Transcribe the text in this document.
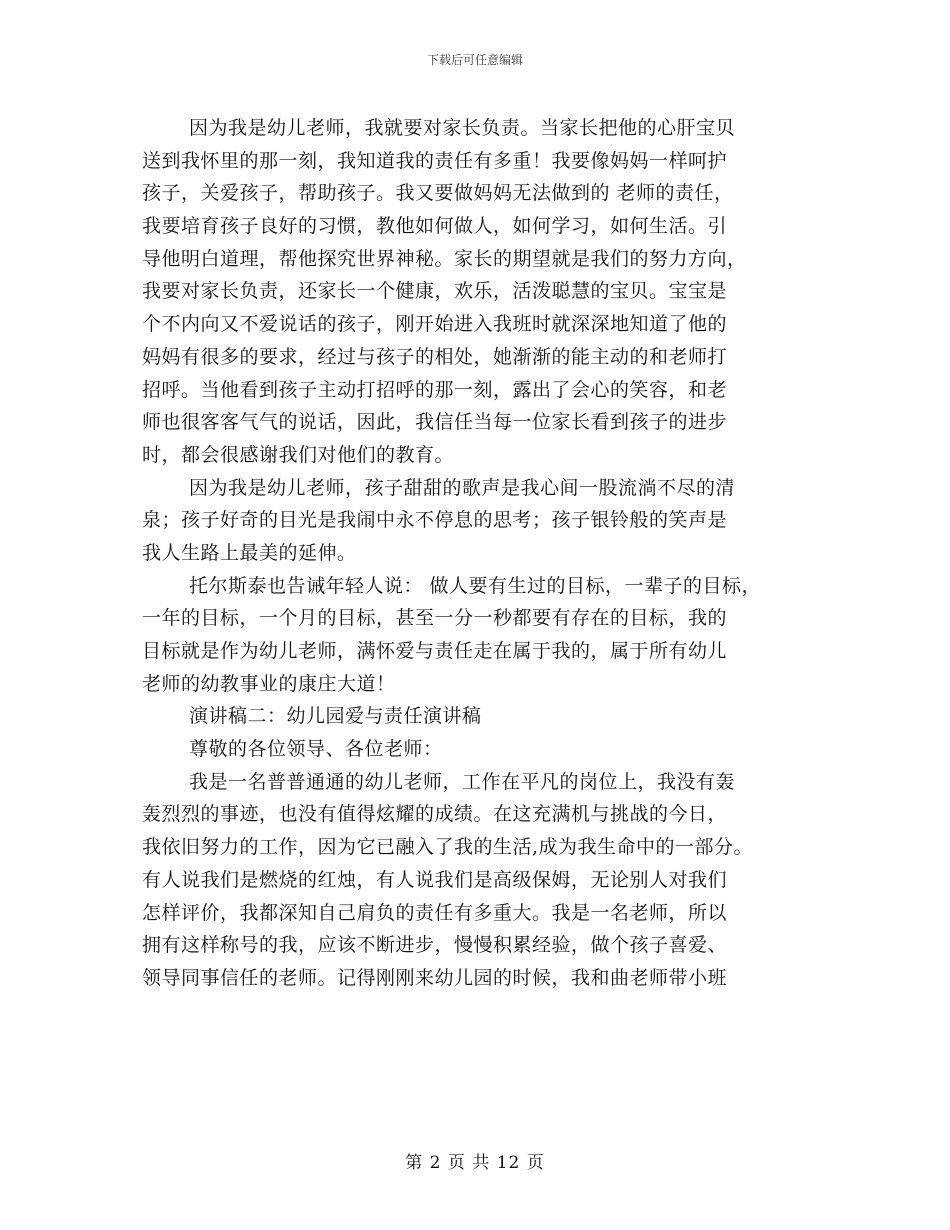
下载后可任意编辑
因为我是幼儿老师，我就要对家长负责。当家长把他的心肝宝贝
送到我怀里的那一刻，我知道我的责任有多重！我要像妈妈一样呵护
孩子，关爱孩子，帮助孩子。我又要做妈妈无法做到的 老师的责任，
我要培育孩子良好的习惯，教他如何做人，如何学习，如何生活。引
导他明白道理，帮他探究世界神秘。家长的期望就是我们的努力方向，
我要对家长负责，还家长一个健康，欢乐，活泼聪慧的宝贝。宝宝是
个不内向又不爱说话的孩子，刚开始进入我班时就深深地知道了他的
妈妈有很多的要求，经过与孩子的相处，她渐渐的能主动的和老师打
招呼。当他看到孩子主动打招呼的那一刻，露出了会心的笑容，和老
师也很客客气气的说话，因此，我信任当每一位家长看到孩子的进步
时，都会很感谢我们对他们的教育。
因为我是幼儿老师，孩子甜甜的歌声是我心间一股流淌不尽的清
泉；孩子好奇的目光是我闹中永不停息的思考；孩子银铃般的笑声是
我人生路上最美的延伸。
托尔斯泰也告诫年轻人说： 做人要有生过的目标，一辈子的目标，
一年的目标，一个月的目标，甚至一分一秒都要有存在的目标，我的
目标就是作为幼儿老师，满怀爱与责任走在属于我的，属于所有幼儿
老师的幼教事业的康庄大道！
演讲稿二：幼儿园爱与责任演讲稿
尊敬的各位领导、各位老师：
我是一名普普通通的幼儿老师，工作在平凡的岗位上，我没有轰
轰烈烈的事迹，也没有值得炫耀的成绩。在这充满机与挑战的今日，
我依旧努力的工作，因为它已融入了我的生活,成为我生命中的一部分。
有人说我们是燃烧的红烛，有人说我们是高级保姆，无论别人对我们
怎样评价，我都深知自己肩负的责任有多重大。我是一名老师，所以
拥有这样称号的我，应该不断进步，慢慢积累经验，做个孩子喜爱、
领导同事信任的老师。记得刚刚来幼儿园的时候，我和曲老师带小班
第 2 页 共 12 页
